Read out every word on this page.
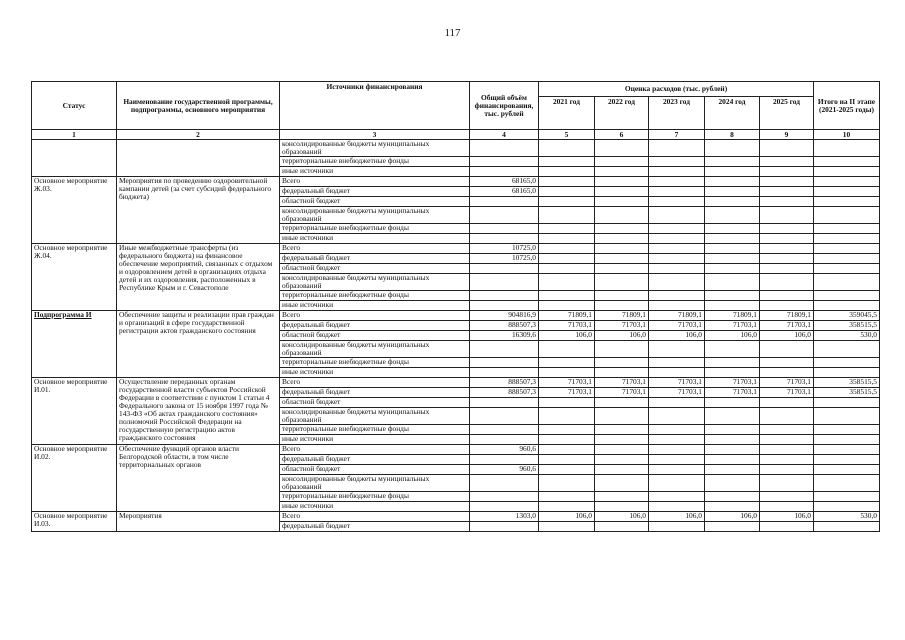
117
Статус	Наименование государственной программы, подпрограммы, основного мероприятия	Источники финансирования	Общий объём финансирования, тыс. рублей	Оценка расходов (тыс. рублей)					Итого на II этапе (2021-2025 годы)
				2021 год	2022 год	2023 год	2024 год	2025 год	
1	2	3	4	5	6	7	8	9	10
		консолидированные бюджеты муниципальных образований							
		территориальные внебюджетные фонды							
		иные источники							
Основное мероприятие Ж.03.	Мероприятия по проведению оздоровительной кампании детей (за счет субсидий федерального бюджета)	Всего	68165,0						
		федеральный бюджет	68165,0						
		областной бюджет							
		консолидированные бюджеты муниципальных образований							
		территориальные внебюджетные фонды							
		иные источники							
Основное мероприятие Ж.04.	Иные межбюджетные трансферты (из федерального бюджета) на финансовое обеспечение мероприятий, связанных с отдыхом и оздоровлением детей в организациях отдыха детей и их оздоровления, расположенных в Республике Крым и г. Севастополе	Всего	10725,0						
		федеральный бюджет	10725,0						
		областной бюджет							
		консолидированные бюджеты муниципальных образований							
		территориальные внебюджетные фонды							
		иные источники							
Подпрограмма И	Обеспечение защиты и реализации прав граждан и организаций в сфере государственной регистрации актов гражданского состояния	Всего	904816,9	71809,1	71809,1	71809,1	71809,1	71809,1	359045,5
		федеральный бюджет	888507,3	71703,1	71703,1	71703,1	71703,1	71703,1	358515,5
		областной бюджет	16309,6	106,0	106,0	106,0	106,0	106,0	530,0
		консолидированные бюджеты муниципальных образований							
		территориальные внебюджетные фонды							
		иные источники							
Основное мероприятие И.01.	Осуществление переданных органам государственной власти субъектов Российской Федерации в соответствии с пунктом 1 статьи 4 Федерального закона от 15 ноября 1997 года № 143-ФЗ «Об актах гражданского состояния» полномочий Российской Федерации на государственную регистрацию актов гражданского состояния	Всего	888507,3	71703,1	71703,1	71703,1	71703,1	71703,1	358515,5
		федеральный бюджет	888507,3	71703,1	71703,1	71703,1	71703,1	71703,1	358515,5
		областной бюджет							
		консолидированные бюджеты муниципальных образований							
		территориальные внебюджетные фонды							
		иные источники							
Основное мероприятие И.02.	Обеспечение функций органов власти Белгородской области, в том числе территориальных органов	Всего	960,6						
		федеральный бюджет							
		областной бюджет	960,6						
		консолидированные бюджеты муниципальных образований							
		территориальные внебюджетные фонды							
		иные источники							
Основное мероприятие И.03.	Мероприятия	Всего	1303,0	106,0	106,0	106,0	106,0	106,0	530,0
		федеральный бюджет							
